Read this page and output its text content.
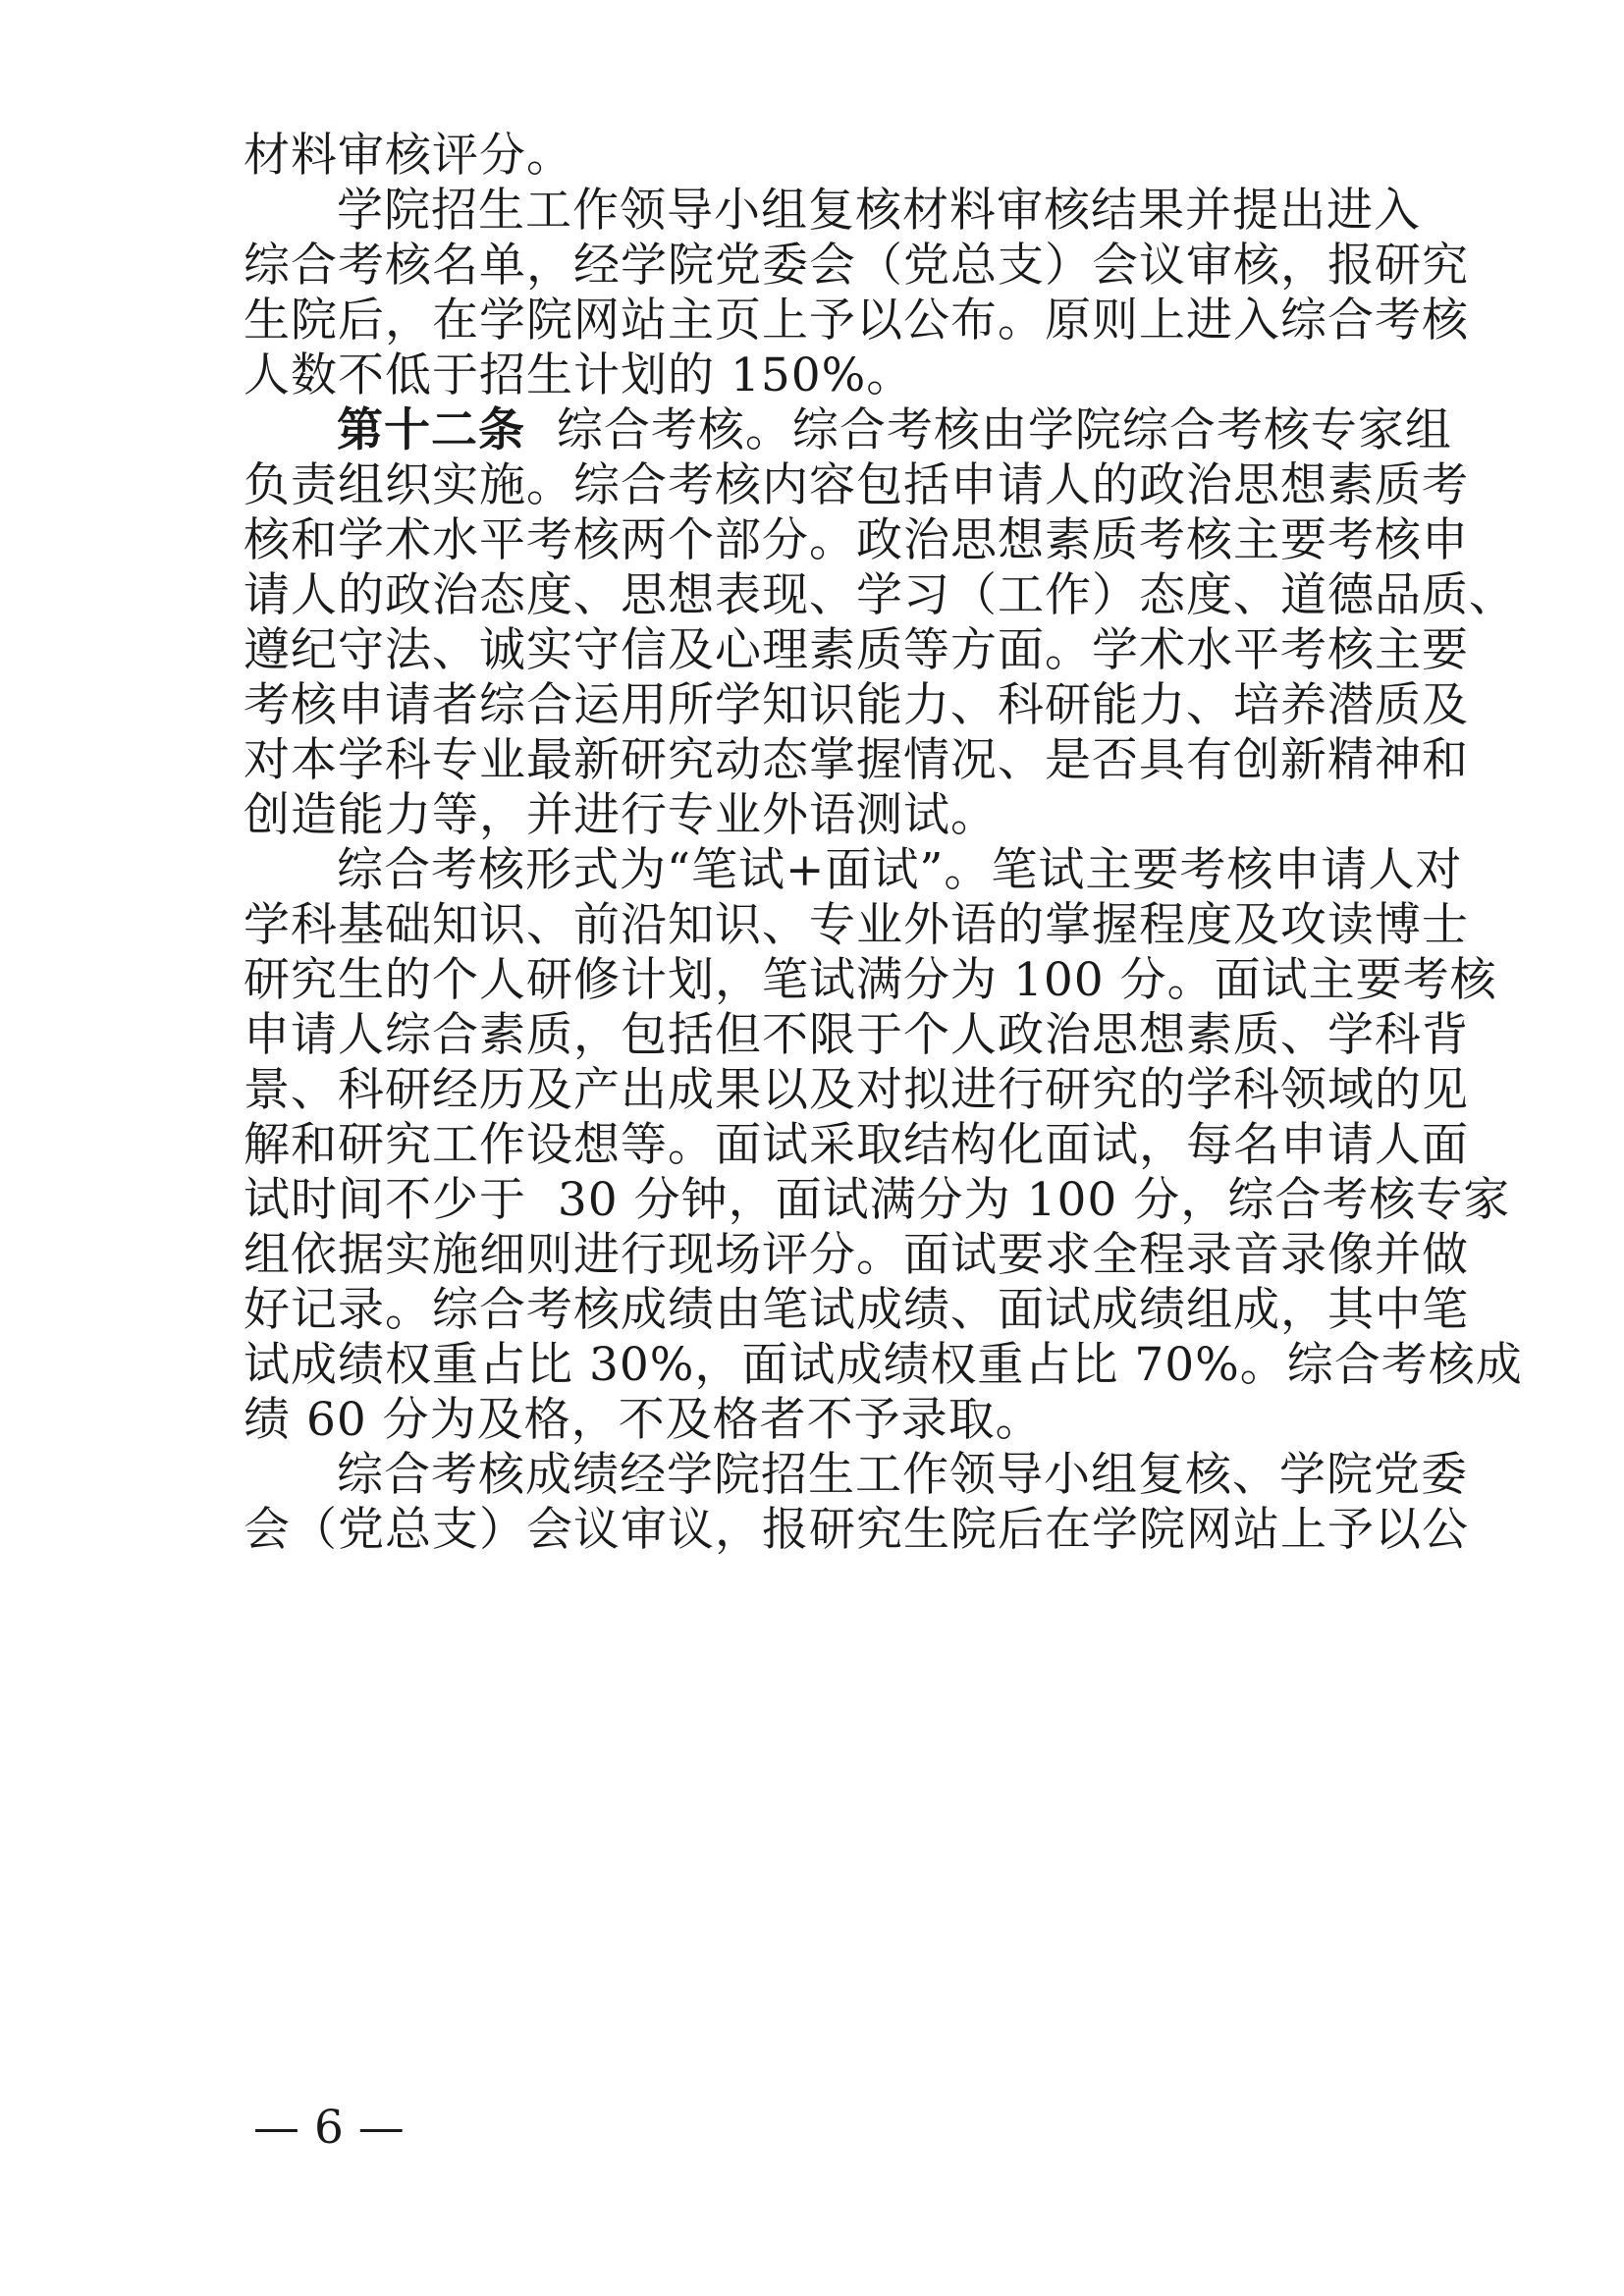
材料审核评分。
学院招生工作领导小组复核材料审核结果并提出进入
综合考核名单，经学院党委会（党总支）会议审核，报研究
生院后，在学院网站主页上予以公布。原则上进入综合考核
人数不低于招生计划的 150%。
第十二条  综合考核。综合考核由学院综合考核专家组
负责组织实施。综合考核内容包括申请人的政治思想素质考
核和学术水平考核两个部分。政治思想素质考核主要考核申
请人的政治态度、思想表现、学习（工作）态度、道德品质、
遵纪守法、诚实守信及心理素质等方面。学术水平考核主要
考核申请者综合运用所学知识能力、科研能力、培养潜质及
对本学科专业最新研究动态掌握情况、是否具有创新精神和
创造能力等，并进行专业外语测试。
综合考核形式为“笔试+面试”。笔试主要考核申请人对
学科基础知识、前沿知识、专业外语的掌握程度及攻读博士
研究生的个人研修计划，笔试满分为 100 分。面试主要考核
申请人综合素质，包括但不限于个人政治思想素质、学科背
景、科研经历及产出成果以及对拟进行研究的学科领域的见
解和研究工作设想等。面试采取结构化面试，每名申请人面
试时间不少于  30 分钟，面试满分为 100 分，综合考核专家
组依据实施细则进行现场评分。面试要求全程录音录像并做
好记录。综合考核成绩由笔试成绩、面试成绩组成，其中笔
试成绩权重占比 30%，面试成绩权重占比 70%。综合考核成
绩 60 分为及格，不及格者不予录取。
综合考核成绩经学院招生工作领导小组复核、学院党委
会（党总支）会议审议，报研究生院后在学院网站上予以公
— 6 —
